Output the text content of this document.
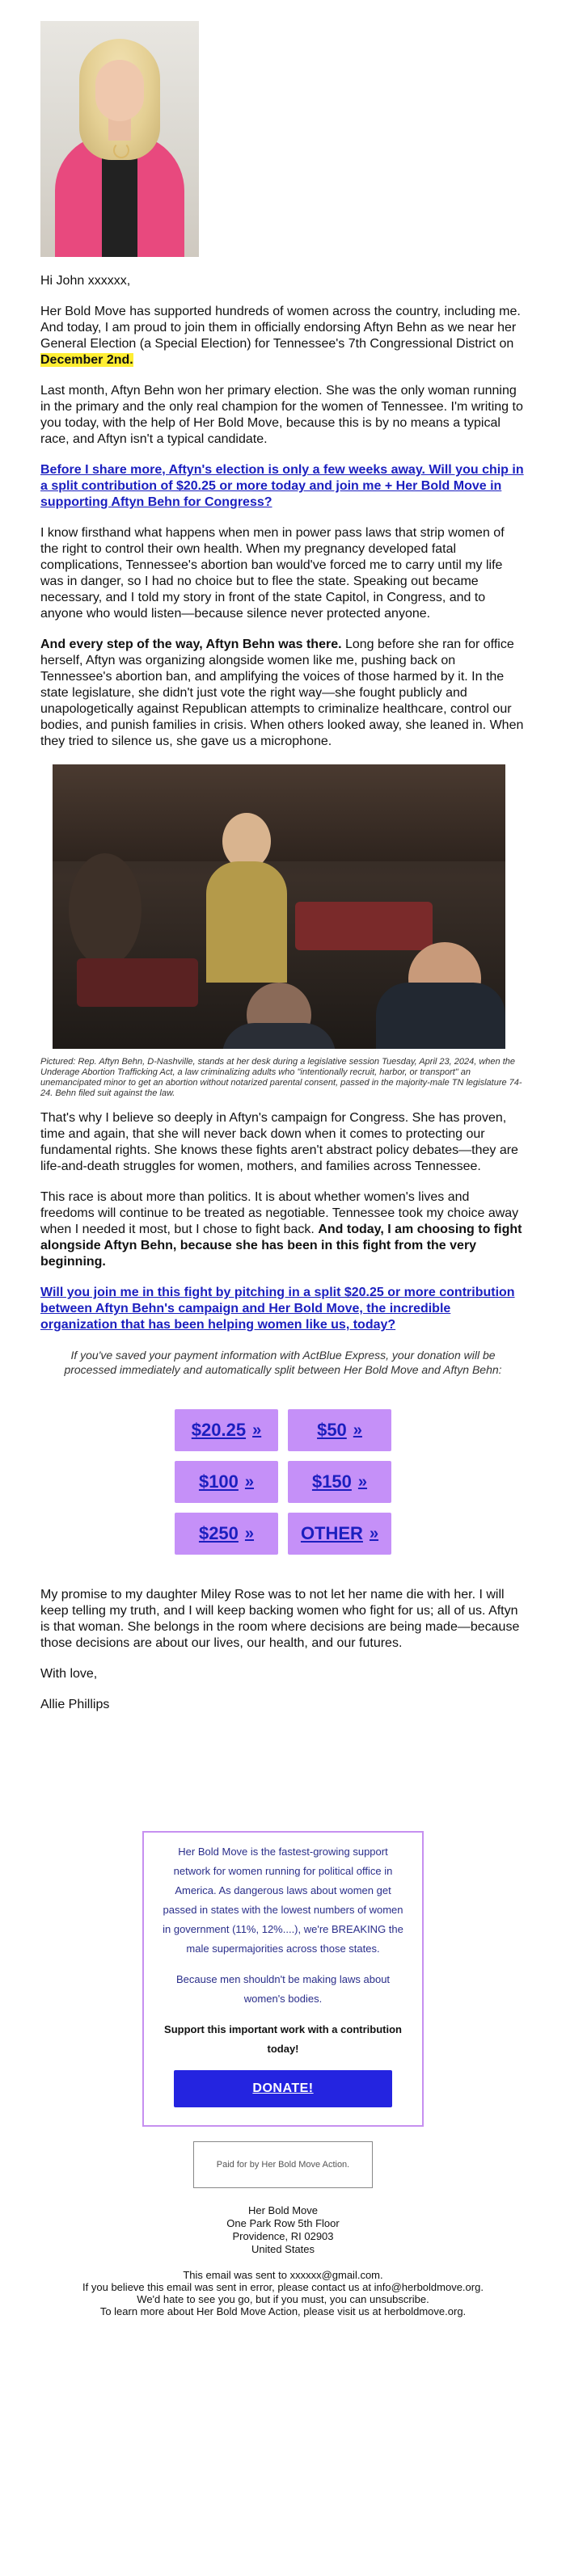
Hi John xxxxxx,

Her Bold Move has supported hundreds of women across the country, including me. And today, I am proud to join them in officially endorsing Aftyn Behn as we near her General Election (a Special Election) for Tennessee's 7th Congressional District on December 2nd.

Last month, Aftyn Behn won her primary election. She was the only woman running in the primary and the only real champion for the women of Tennessee. I'm writing to you today, with the help of Her Bold Move, because this is by no means a typical race, and Aftyn isn't a typical candidate.

Before I share more, Aftyn's election is only a few weeks away. Will you chip in a split contribution of $20.25 or more today and join me + Her Bold Move in supporting Aftyn Behn for Congress?

I know firsthand what happens when men in power pass laws that strip women of the right to control their own health. When my pregnancy developed fatal complications, Tennessee's abortion ban would've forced me to carry until my life was in danger, so I had no choice but to flee the state. Speaking out became necessary, and I told my story in front of the state Capitol, in Congress, and to anyone who would listen—because silence never protected anyone.

And every step of the way, Aftyn Behn was there. Long before she ran for office herself, Aftyn was organizing alongside women like me, pushing back on Tennessee's abortion ban, and amplifying the voices of those harmed by it. In the state legislature, she didn't just vote the right way—she fought publicly and unapologetically against Republican attempts to criminalize healthcare, control our bodies, and punish families in crisis. When others looked away, she leaned in. When they tried to silence us, she gave us a microphone.

Pictured: Rep. Aftyn Behn, D-Nashville, stands at her desk during a legislative session Tuesday, April 23, 2024, when the Underage Abortion Trafficking Act, a law criminalizing adults who "intentionally recruit, harbor, or transport" an unemancipated minor to get an abortion without notarized parental consent, passed in the majority-male TN legislature 74-24. Behn filed suit against the law.

That's why I believe so deeply in Aftyn's campaign for Congress. She has proven, time and again, that she will never back down when it comes to protecting our fundamental rights. She knows these fights aren't abstract policy debates—they are life-and-death struggles for women, mothers, and families across Tennessee.

This race is about more than politics. It is about whether women's lives and freedoms will continue to be treated as negotiable. Tennessee took my choice away when I needed it most, but I chose to fight back. And today, I am choosing to fight alongside Aftyn Behn, because she has been in this fight from the very beginning.

Will you join me in this fight by pitching in a split $20.25 or more contribution between Aftyn Behn's campaign and Her Bold Move, the incredible organization that has been helping women like us, today?

If you've saved your payment information with ActBlue Express, your donation will be processed immediately and automatically split between Her Bold Move and Aftyn Behn:

$20.25 »	$50 »
$100 »	$150 »
$250 »	OTHER »

My promise to my daughter Miley Rose was to not let her name die with her. I will keep telling my truth, and I will keep backing women who fight for us; all of us. Aftyn is that woman. She belongs in the room where decisions are being made—because those decisions are about our lives, our health, and our futures.

With love,

Allie Phillips

Her Bold Move is the fastest-growing support network for women running for political office in America. As dangerous laws about women get passed in states with the lowest numbers of women in government (11%, 12%....), we're BREAKING the male supermajorities across those states.

Because men shouldn't be making laws about women's bodies.

Support this important work with a contribution today!

DONATE!
Paid for by Her Bold Move Action.
Her Bold Move
One Park Row 5th Floor
Providence, RI 02903
United States
This email was sent to xxxxxx@gmail.com.
If you believe this email was sent in error, please contact us at info@herboldmove.org.
We'd hate to see you go, but if you must, you can unsubscribe.
To learn more about Her Bold Move Action, please visit us at herboldmove.org.
